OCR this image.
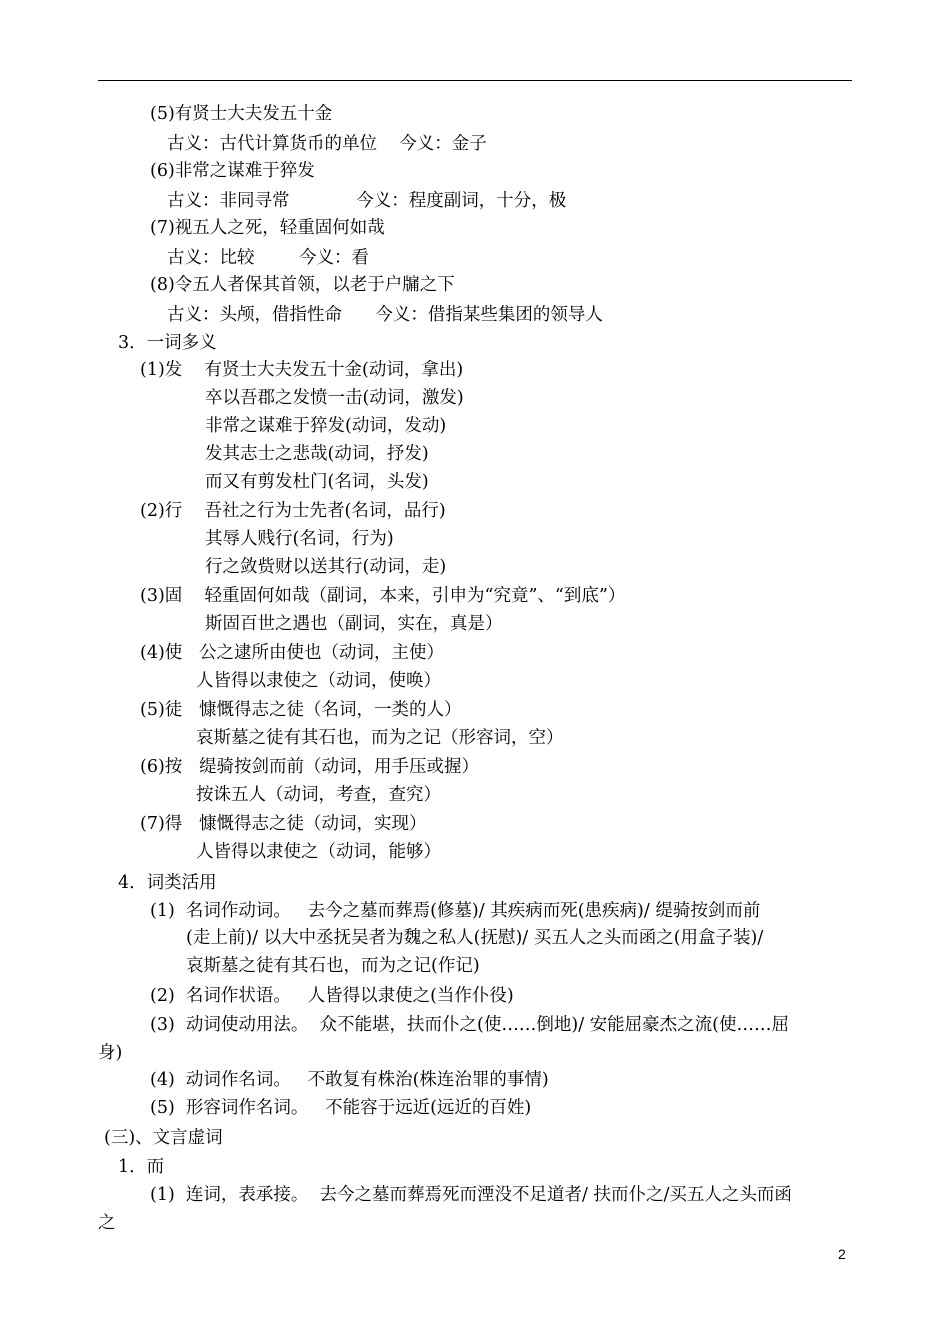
(5)有贤士大夫发五十金
古义：古代计算货币的单位    今义：金子
(6)非常之谋难于猝发
古义：非同寻常            今义：程度副词，十分，极
(7)视五人之死，轻重固何如哉
古义：比较        今义：看
(8)令五人者保其首领，以老于户牖之下
古义：头颅，借指性命      今义：借指某些集团的领导人
3．一词多义
(1)发    有贤士大夫发五十金(动词，拿出)
卒以吾郡之发愤一击(动词，激发)
非常之谋难于猝发(动词，发动)
发其志士之悲哉(动词，抒发)
而又有剪发杜门(名词，头发)
(2)行    吾社之行为士先者(名词，品行)
其辱人贱行(名词，行为)
行之敛赀财以送其行(动词，走)
(3)固    轻重固何如哉（副词，本来，引申为“究竟”、“到底”）
斯固百世之遇也（副词，实在，真是）
(4)使   公之逮所由使也（动词，主使）
人皆得以隶使之（动词，使唤）
(5)徒   慷慨得志之徒（名词，一类的人）
哀斯墓之徒有其石也，而为之记（形容词，空）
(6)按   缇骑按剑而前（动词，用手压或握）
按诛五人（动词，考查，查究）
(7)得   慷慨得志之徒（动词，实现）
人皆得以隶使之（动词，能够）
4．词类活用
(1)  名词作动词。   去今之墓而葬焉(修墓)/ 其疾病而死(患疾病)/ 缇骑按剑而前
(走上前)/ 以大中丞抚吴者为魏之私人(抚慰)/ 买五人之头而函之(用盒子装)/
哀斯墓之徒有其石也，而为之记(作记)
(2)  名词作状语。   人皆得以隶使之(当作仆役)
(3)  动词使动用法。  众不能堪，扶而仆之(使……倒地)/ 安能屈豪杰之流(使……屈
身)
(4)  动词作名词。   不敢复有株治(株连治罪的事情)
(5)  形容词作名词。   不能容于远近(远近的百姓)
(三)、文言虚词
1．而
(1)  连词，表承接。  去今之墓而葬焉死而湮没不足道者/ 扶而仆之/买五人之头而函
之
2
